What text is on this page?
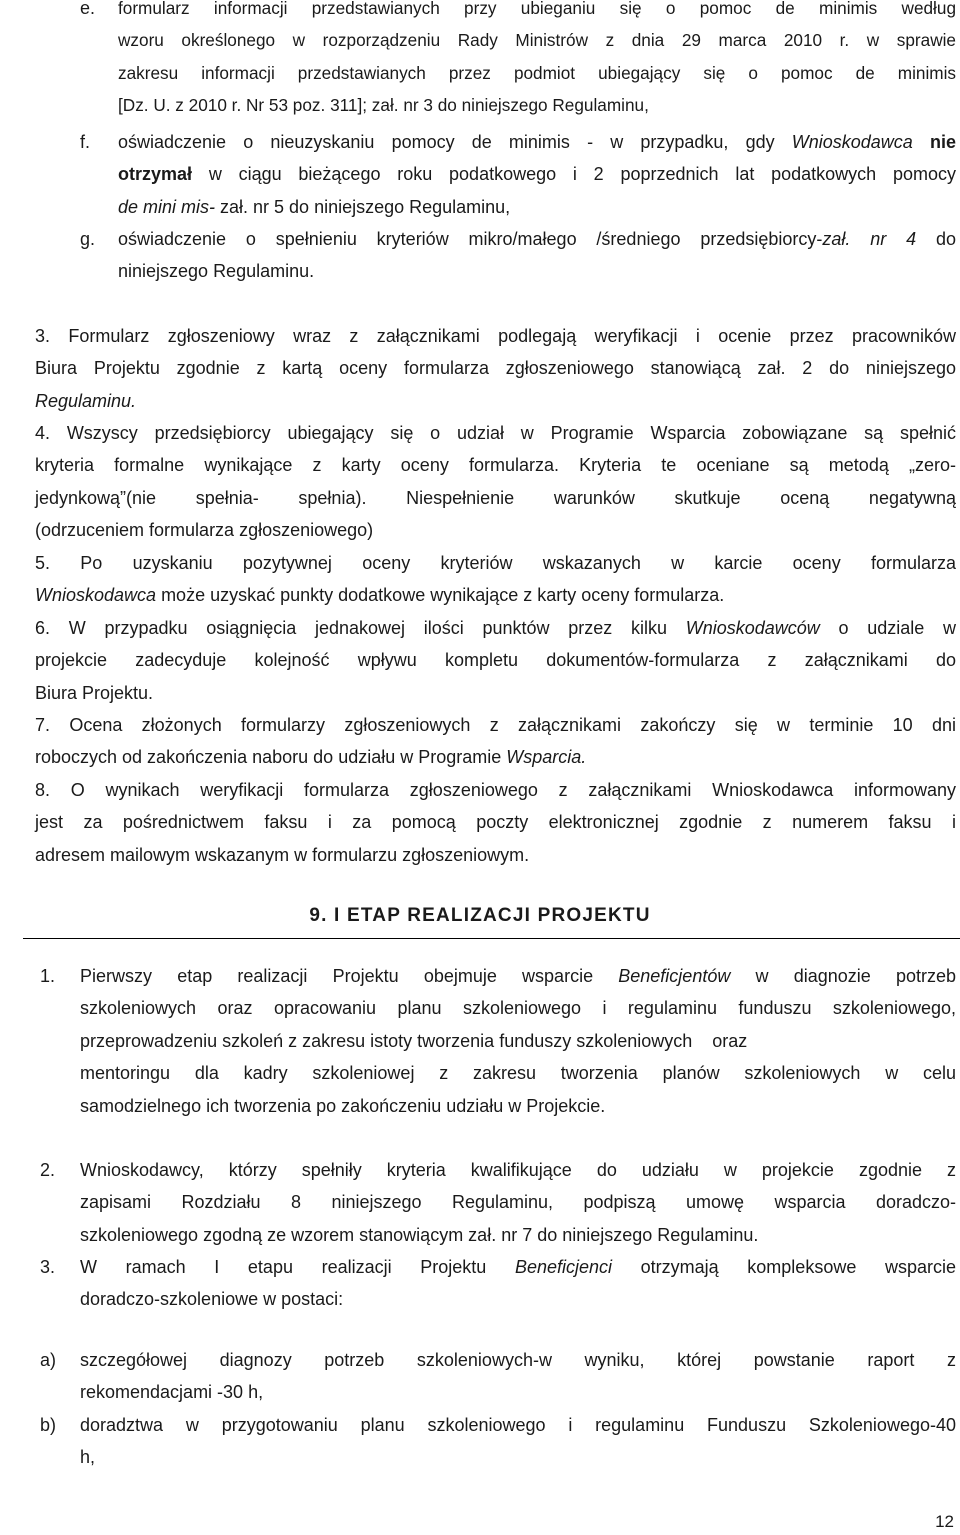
e. formularz informacji przedstawianych przy ubieganiu się o pomoc de minimis według

wzoru określonego w rozporządzeniu Rady Ministrów z dnia 29 marca 2010 r. w sprawie

zakresu informacji przedstawianych przez podmiot ubiegający się o pomoc de minimis

[Dz. U. z 2010 r. Nr 53 poz. 311]; zał. nr 3 do niniejszego Regulaminu,

f. oświadczenie o nieuzyskaniu pomocy de minimis - w przypadku, gdy Wnioskodawca nie

otrzymał w ciągu bieżącego roku podatkowego i 2 poprzednich lat podatkowych pomocy

de mini mis- zał. nr 5 do niniejszego Regulaminu,

g. oświadczenie o spełnieniu kryteriów mikro/małego /średniego przedsiębiorcy-zał. nr 4 do

niniejszego Regulaminu.

3. Formularz zgłoszeniowy wraz z załącznikami podlegają weryfikacji i ocenie przez pracowników

Biura Projektu zgodnie z kartą oceny formularza zgłoszeniowego stanowiącą zał. 2 do niniejszego

Regulaminu.

4. Wszyscy przedsiębiorcy ubiegający się o udział w Programie Wsparcia zobowiązane są spełnić

kryteria formalne wynikające z karty oceny formularza. Kryteria te oceniane są metodą „zero-

jedynkową”(nie spełnia- spełnia). Niespełnienie warunków skutkuje oceną negatywną

(odrzuceniem formularza zgłoszeniowego)

5. Po uzyskaniu pozytywnej oceny kryteriów wskazanych w karcie oceny formularza

Wnioskodawca może uzyskać punkty dodatkowe wynikające z karty oceny formularza.

6. W przypadku osiągnięcia jednakowej ilości punktów przez kilku Wnioskodawców o udziale w

projekcie zadecyduje kolejność wpływu kompletu dokumentów-formularza z załącznikami do

Biura Projektu.

7. Ocena złożonych formularzy zgłoszeniowych z załącznikami zakończy się w terminie 10 dni

roboczych od zakończenia naboru do udziału w Programie Wsparcia.

8. O wynikach weryfikacji formularza zgłoszeniowego z załącznikami Wnioskodawca informowany

jest za pośrednictwem faksu i za pomocą poczty elektronicznej zgodnie z numerem faksu i

adresem mailowym wskazanym w formularzu zgłoszeniowym.

9. I ETAP REALIZACJI PROJEKTU
1. Pierwszy etap realizacji Projektu obejmuje wsparcie Beneficjentów w diagnozie potrzeb

szkoleniowych oraz opracowaniu planu szkoleniowego i regulaminu funduszu szkoleniowego,

przeprowadzeniu szkoleń z zakresu istoty tworzenia funduszy szkoleniowych    oraz

mentoringu dla kadry szkoleniowej z zakresu tworzenia planów szkoleniowych w celu

samodzielnego ich tworzenia po zakończeniu udziału w Projekcie.

2. Wnioskodawcy, którzy spełniły kryteria kwalifikujące do udziału w projekcie zgodnie z

zapisami Rozdziału 8 niniejszego Regulaminu, podpiszą umowę wsparcia doradczo-

szkoleniowego zgodną ze wzorem stanowiącym zał. nr 7 do niniejszego Regulaminu.

3. W ramach I etapu realizacji Projektu Beneficjenci otrzymają kompleksowe wsparcie

doradczo-szkoleniowe w postaci:

a) szczegółowej diagnozy potrzeb szkoleniowych-w wyniku, której powstanie raport z

rekomendacjami -30 h,

b) doradztwa w przygotowaniu planu szkoleniowego i regulaminu Funduszu Szkoleniowego-40

h,

12
